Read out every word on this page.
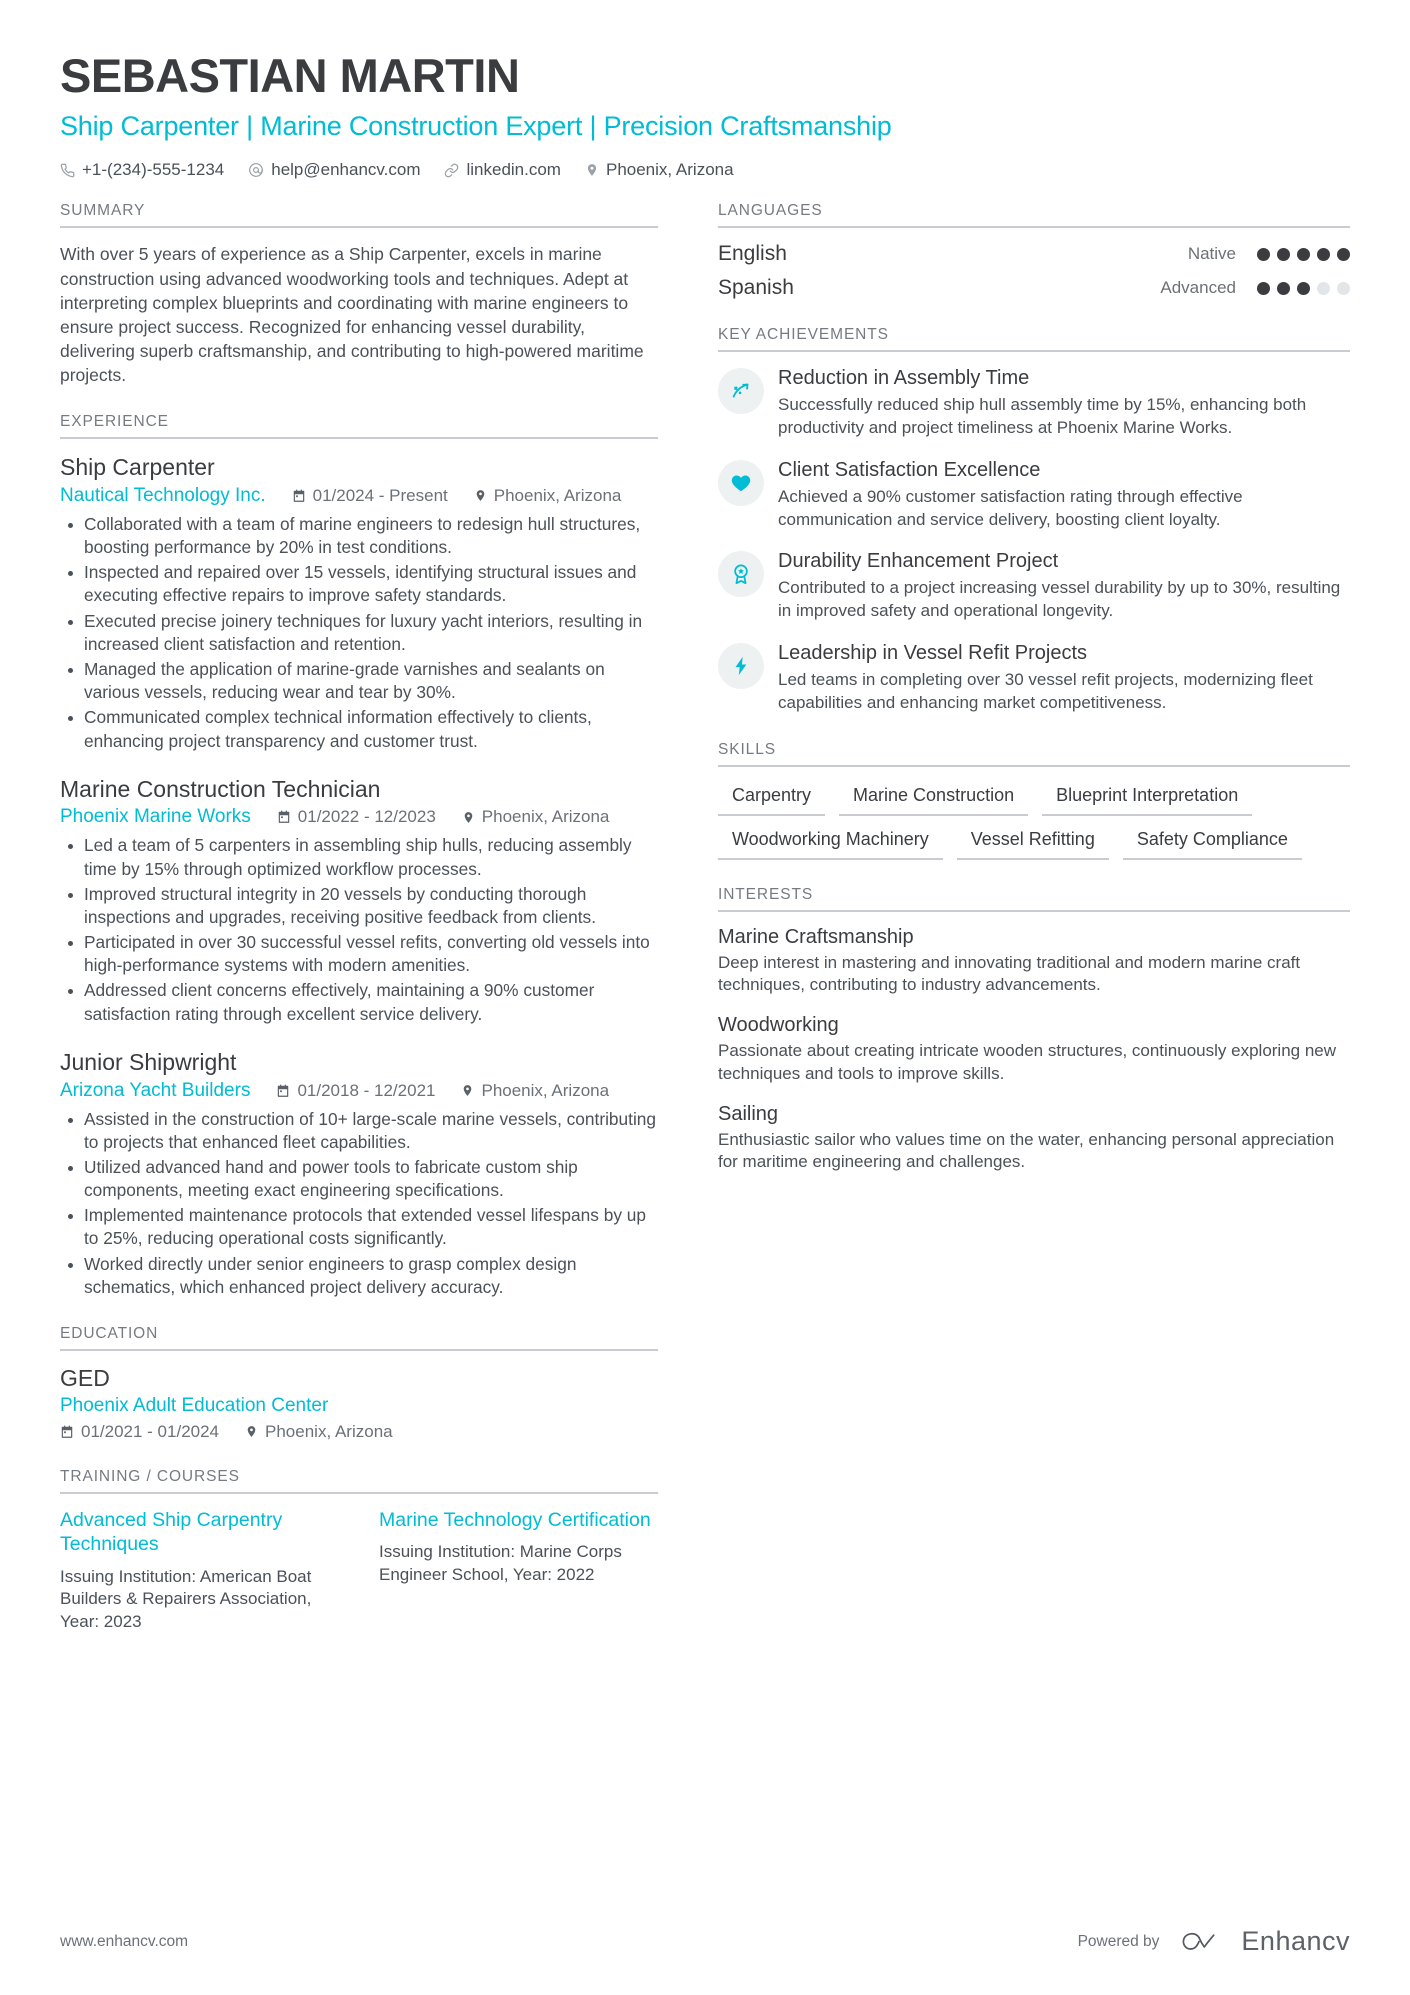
SEBASTIAN MARTIN
Ship Carpenter | Marine Construction Expert | Precision Craftsmanship
+1-(234)-555-1234	help@enhancv.com	linkedin.com	Phoenix, Arizona
SUMMARY
With over 5 years of experience as a Ship Carpenter, excels in marine construction using advanced woodworking tools and techniques. Adept at interpreting complex blueprints and coordinating with marine engineers to ensure project success. Recognized for enhancing vessel durability, delivering superb craftsmanship, and contributing to high-powered maritime projects.
EXPERIENCE
Ship Carpenter
Nautical Technology Inc.	01/2024 - Present	Phoenix, Arizona
Collaborated with a team of marine engineers to redesign hull structures, boosting performance by 20% in test conditions.
Inspected and repaired over 15 vessels, identifying structural issues and executing effective repairs to improve safety standards.
Executed precise joinery techniques for luxury yacht interiors, resulting in increased client satisfaction and retention.
Managed the application of marine-grade varnishes and sealants on various vessels, reducing wear and tear by 30%.
Communicated complex technical information effectively to clients, enhancing project transparency and customer trust.
Marine Construction Technician
Phoenix Marine Works	01/2022 - 12/2023	Phoenix, Arizona
Led a team of 5 carpenters in assembling ship hulls, reducing assembly time by 15% through optimized workflow processes.
Improved structural integrity in 20 vessels by conducting thorough inspections and upgrades, receiving positive feedback from clients.
Participated in over 30 successful vessel refits, converting old vessels into high-performance systems with modern amenities.
Addressed client concerns effectively, maintaining a 90% customer satisfaction rating through excellent service delivery.
Junior Shipwright
Arizona Yacht Builders	01/2018 - 12/2021	Phoenix, Arizona
Assisted in the construction of 10+ large-scale marine vessels, contributing to projects that enhanced fleet capabilities.
Utilized advanced hand and power tools to fabricate custom ship components, meeting exact engineering specifications.
Implemented maintenance protocols that extended vessel lifespans by up to 25%, reducing operational costs significantly.
Worked directly under senior engineers to grasp complex design schematics, which enhanced project delivery accuracy.
EDUCATION
GED
Phoenix Adult Education Center
01/2021 - 01/2024	Phoenix, Arizona
TRAINING / COURSES
Advanced Ship Carpentry Techniques
Issuing Institution: American Boat Builders & Repairers Association, Year: 2023
Marine Technology Certification
Issuing Institution: Marine Corps Engineer School, Year: 2022
LANGUAGES
English	Native
Spanish	Advanced
KEY ACHIEVEMENTS
Reduction in Assembly Time
Successfully reduced ship hull assembly time by 15%, enhancing both productivity and project timeliness at Phoenix Marine Works.
Client Satisfaction Excellence
Achieved a 90% customer satisfaction rating through effective communication and service delivery, boosting client loyalty.
Durability Enhancement Project
Contributed to a project increasing vessel durability by up to 30%, resulting in improved safety and operational longevity.
Leadership in Vessel Refit Projects
Led teams in completing over 30 vessel refit projects, modernizing fleet capabilities and enhancing market competitiveness.
SKILLS
Carpentry	Marine Construction	Blueprint Interpretation
Woodworking Machinery	Vessel Refitting	Safety Compliance
INTERESTS
Marine Craftsmanship
Deep interest in mastering and innovating traditional and modern marine craft techniques, contributing to industry advancements.
Woodworking
Passionate about creating intricate wooden structures, continuously exploring new techniques and tools to improve skills.
Sailing
Enthusiastic sailor who values time on the water, enhancing personal appreciation for maritime engineering and challenges.
www.enhancv.com	Powered by	Enhancv
